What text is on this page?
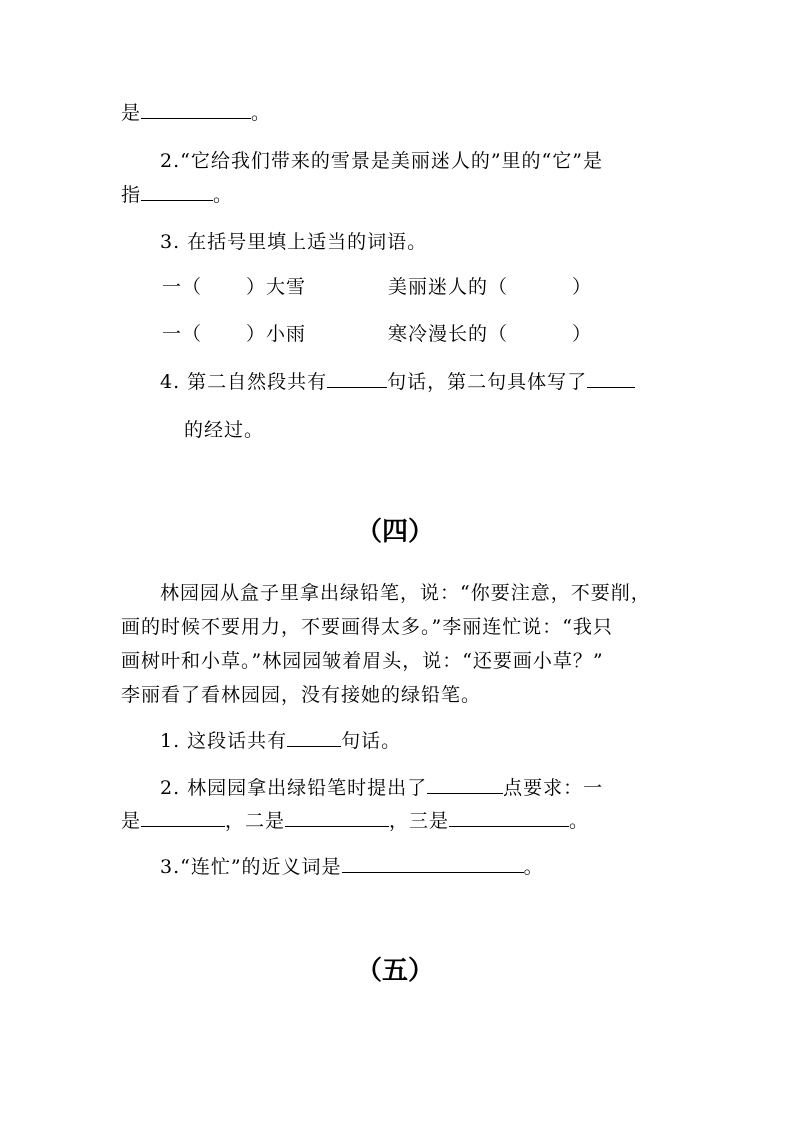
是	。
2.“它给我们带来的雪景是美丽迷人的”里的“它”是
指	。
3. 在括号里填上适当的词语。
一（ ）大雪	美丽迷人的（	）
一（ ）小雨	寒冷漫长的（	）
4. 第二自然段共有	句话，第二句具体写了
的经过。
（四）
林园园从盒子里拿出绿铅笔，说：“你要注意，不要削，
画的时候不要用力，不要画得太多。”李丽连忙说：“我只
画树叶和小草。”林园园皱着眉头，说：“还要画小草？”
李丽看了看林园园，没有接她的绿铅笔。
1. 这段话共有	句话。
2. 林园园拿出绿铅笔时提出了	点要求：一
是	，二是	，三是	。
3.“连忙”的近义词是	。
（五）
